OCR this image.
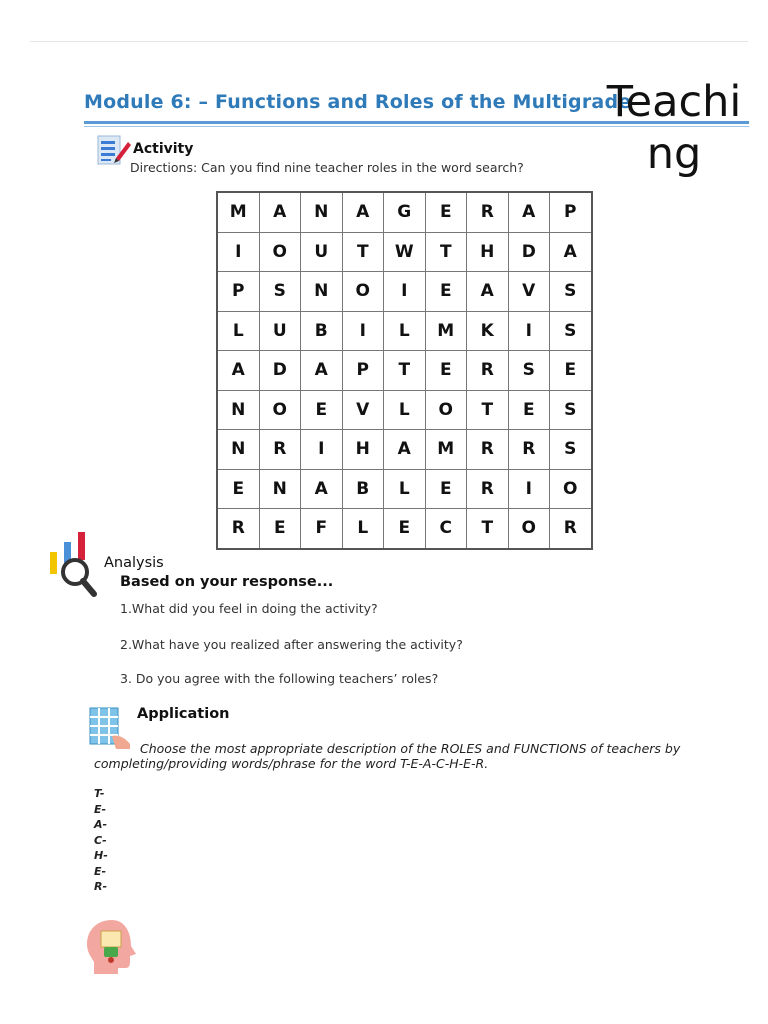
Module 6: – Functions and Roles of the Multigrade
Teaching
Activity
Directions: Can you find nine teacher roles in the word search?
M	A	N	A	G	E	R	A	P
I	O	U	T	W	T	H	D	A
P	S	N	O	I	E	A	V	S
L	U	B	I	L	M	K	I	S
A	D	A	P	T	E	R	S	E
N	O	E	V	L	O	T	E	S
N	R	I	H	A	M	R	R	S
E	N	A	B	L	E	R	I	O
R	E	F	L	E	C	T	O	R
Analysis
Based on your response...
1.What did you feel in doing the activity?
2.What have you realized after answering the activity?
3. Do you agree with the following teachers’ roles?
Application

Choose the most appropriate description of the ROLES and FUNCTIONS of teachers by completing/providing words/phrase for the word T-E-A-C-H-E-R.

T-
E-
A-
C-
H-
E-
R-
